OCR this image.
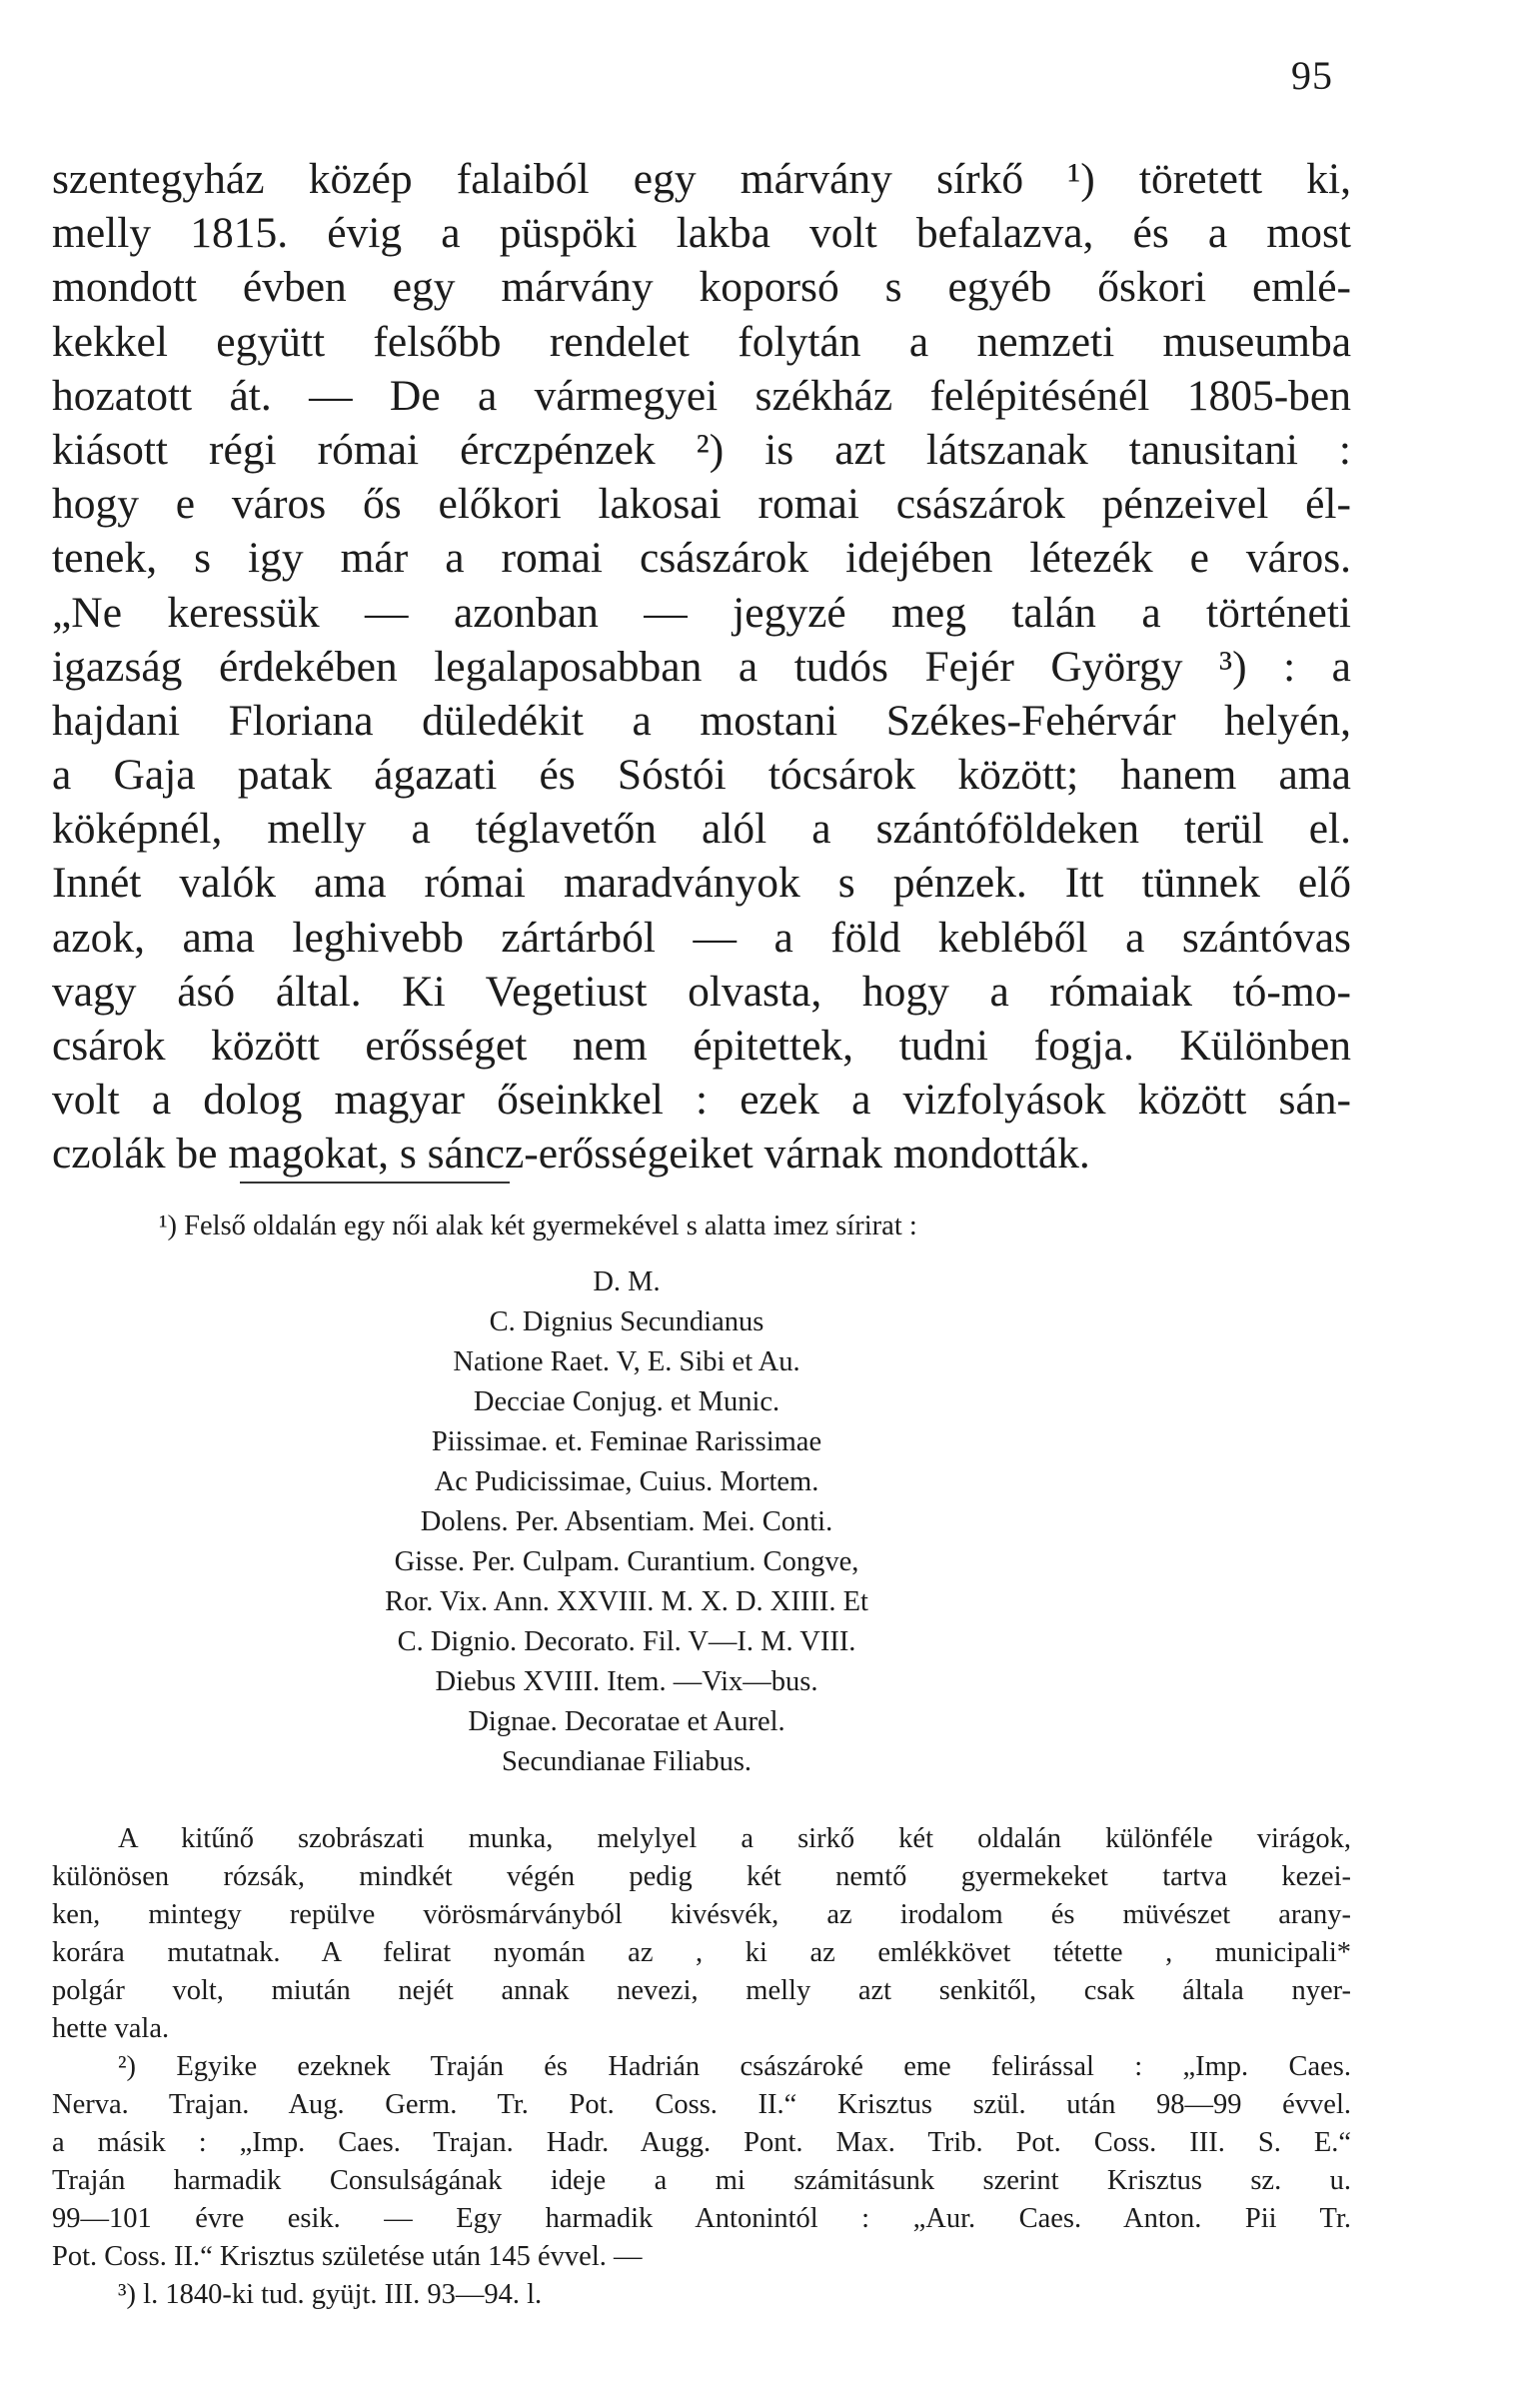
95
szentegyház közép falaiból egy márvány sírkő ¹) töretett ki,
melly 1815. évig a püspöki lakba volt befalazva, és a most
mondott évben egy márvány koporsó s egyéb őskori emlé-
kekkel együtt felsőbb rendelet folytán a nemzeti museumba
hozatott át. — De a vármegyei székház felépitésénél 1805-ben
kiásott régi római érczpénzek ²) is azt látszanak tanusitani :
hogy e város ős előkori lakosai romai császárok pénzeivel él-
tenek, s igy már a romai császárok idejében létezék e város.
„Ne keressük — azonban — jegyzé meg talán a történeti
igazság érdekében legalaposabban a tudós Fejér György ³) : a
hajdani Floriana düledékit a mostani Székes-Fehérvár helyén,
a Gaja patak ágazati és Sóstói tócsárok között; hanem ama
köképnél, melly a téglavetőn alól a szántóföldeken terül el.
Innét valók ama római maradványok s pénzek. Itt tünnek elő
azok, ama leghivebb zártárból — a föld kebléből a szántóvas
vagy ásó által. Ki Vegetiust olvasta, hogy a rómaiak tó-mo-
csárok között erősséget nem épitettek, tudni fogja. Különben
volt a dolog magyar őseinkkel : ezek a vizfolyások között sán-
czolák be magokat, s sáncz-erősségeiket várnak mondották.
¹) Felső oldalán egy női alak két gyermekével s alatta imez sírirat :
D. M.
C. Dignius Secundianus
Natione Raet. V, E. Sibi et Au.
Decciae Conjug. et Munic.
Piissimae. et. Feminae Rarissimae
Ac Pudicissimae, Cuius. Mortem.
Dolens. Per. Absentiam. Mei. Conti.
Gisse. Per. Culpam. Curantium. Congve,
Ror. Vix. Ann. XXVIII. M. X. D. XIIII. Et
C. Dignio. Decorato. Fil. V—I. M. VIII.
Diebus XVIII. Item. —Vix—bus.
Dignae. Decoratae et Aurel.
Secundianae Filiabus.
A kitűnő szobrászati munka, melylyel a sirkő két oldalán különféle virágok,
különösen rózsák, mindkét végén pedig két nemtő gyermekeket tartva kezei-
ken, mintegy repülve vörösmárványból kivésvék, az irodalom és müvészet arany-
korára mutatnak. A felirat nyomán az , ki az emlékkövet tétette , municipali*
polgár volt, miután nejét annak nevezi, melly azt senkitől, csak általa nyer-
hette vala.
²) Egyike ezeknek Traján és Hadrián császároké eme felirással : „Imp. Caes.
Nerva. Trajan. Aug. Germ. Tr. Pot. Coss. II.“ Krisztus szül. után 98—99 évvel.
a másik : „Imp. Caes. Trajan. Hadr. Augg. Pont. Max. Trib. Pot. Coss. III. S. E.“
Traján harmadik Consulságának ideje a mi számitásunk szerint Krisztus sz. u.
99—101 évre esik. — Egy harmadik Antonintól : „Aur. Caes. Anton. Pii Tr.
Pot. Coss. II.“ Krisztus születése után 145 évvel. —
³) l. 1840-ki tud. gyüjt. III. 93—94. l.
